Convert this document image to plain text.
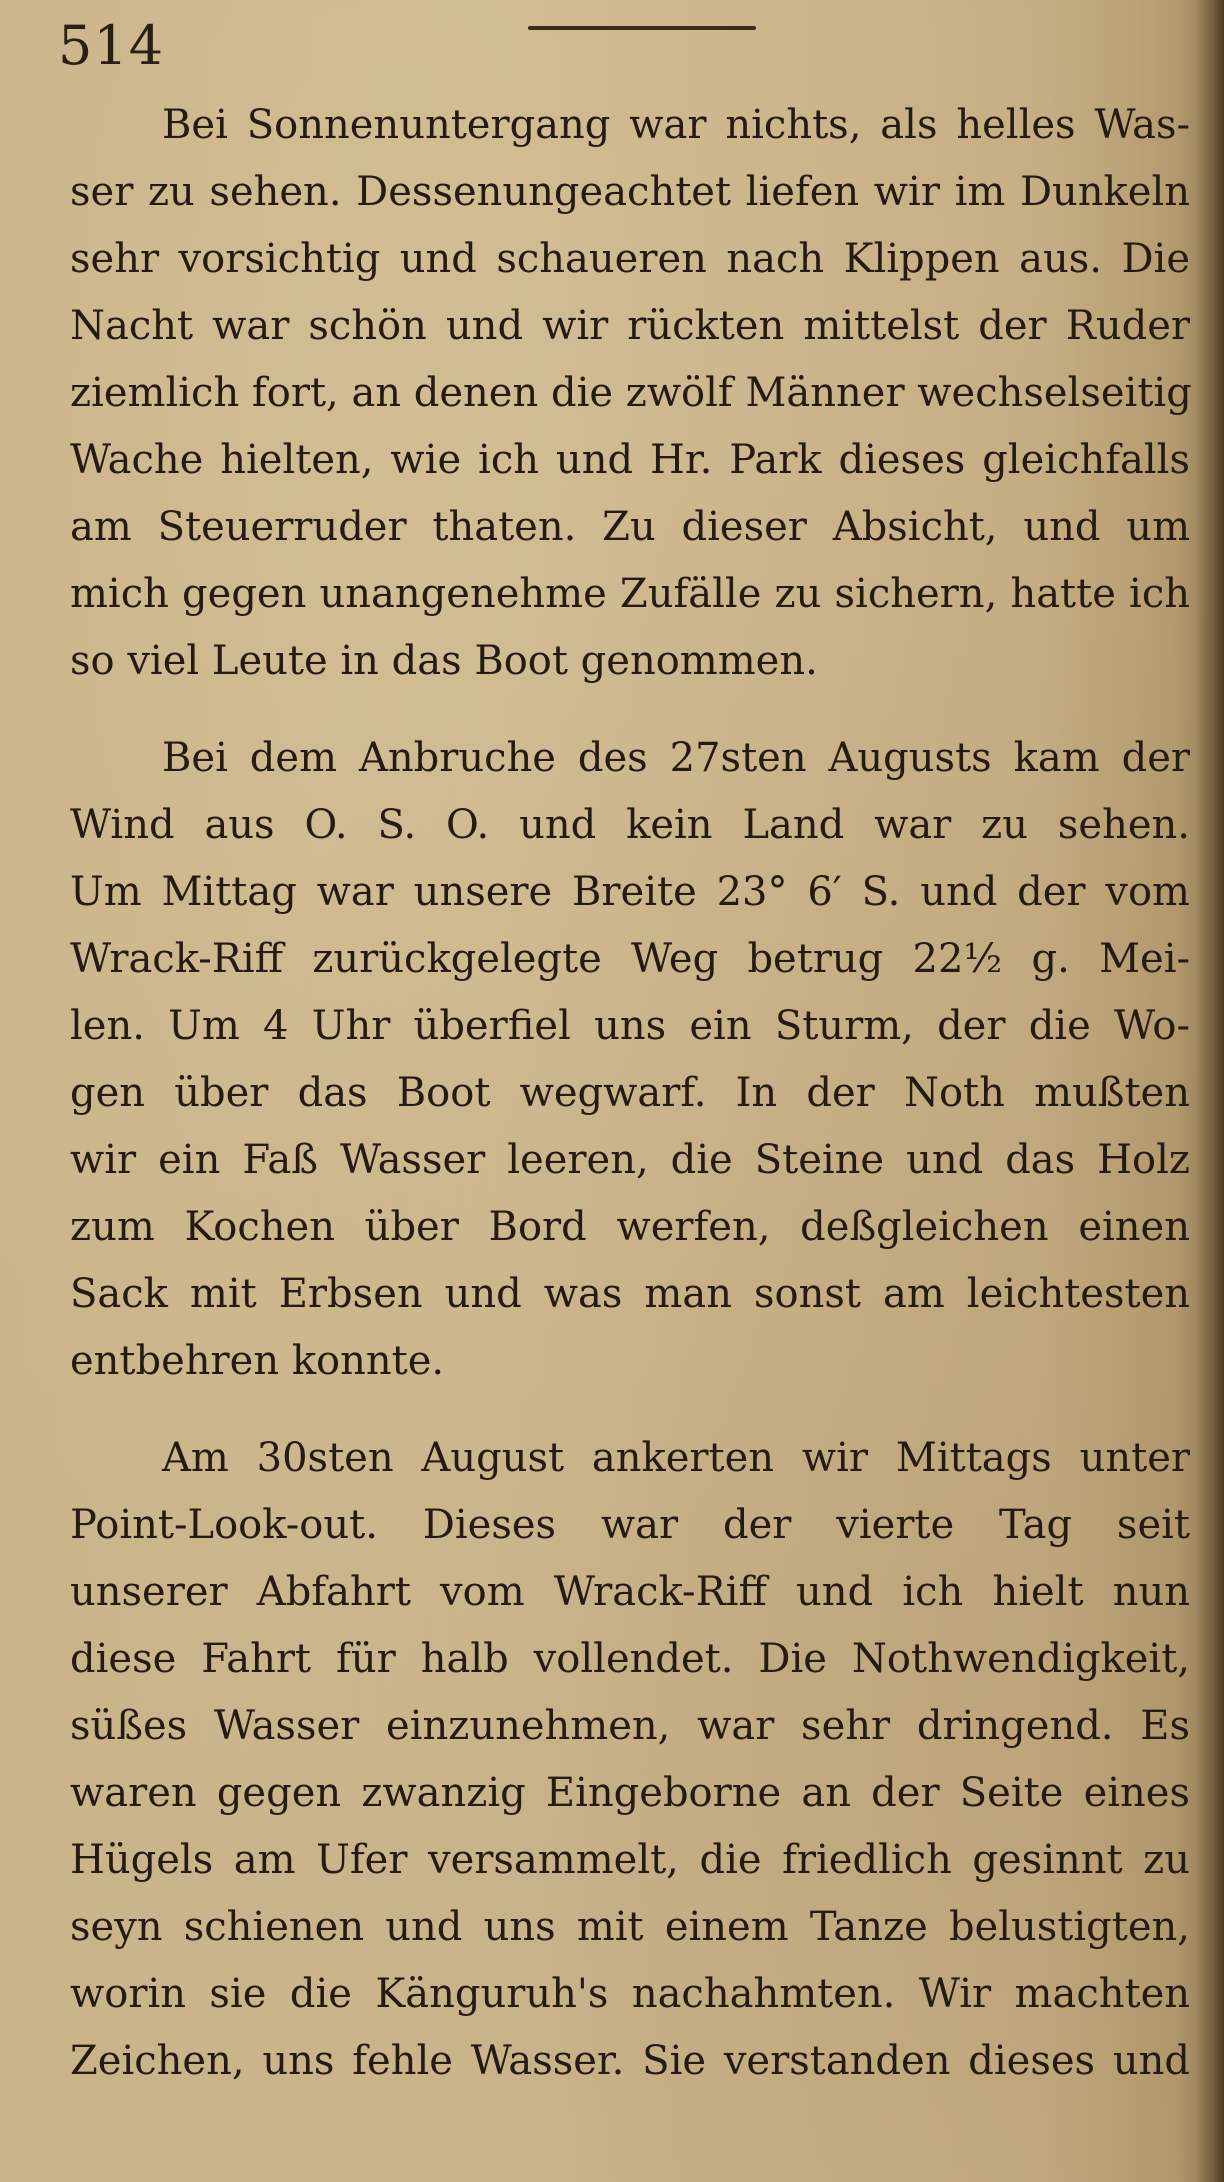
514
Bei Sonnenuntergang war nichts, als helles Was-
ser zu sehen. Dessenungeachtet liefen wir im Dunkeln
sehr vorsichtig und schaueren nach Klippen aus. Die
Nacht war schön und wir rückten mittelst der Ruder
ziemlich fort, an denen die zwölf Männer wechselseitig
Wache hielten, wie ich und Hr. Park dieses gleichfalls
am Steuerruder thaten. Zu dieser Absicht, und um
mich gegen unangenehme Zufälle zu sichern, hatte ich
so viel Leute in das Boot genommen.
Bei dem Anbruche des 27sten Augusts kam der
Wind aus O. S. O. und kein Land war zu sehen.
Um Mittag war unsere Breite 23° 6′ S. und der vom
Wrack-Riff zurückgelegte Weg betrug 22½ g. Mei-
len. Um 4 Uhr überfiel uns ein Sturm, der die Wo-
gen über das Boot wegwarf. In der Noth mußten
wir ein Faß Wasser leeren, die Steine und das Holz
zum Kochen über Bord werfen, deßgleichen einen
Sack mit Erbsen und was man sonst am leichtesten
entbehren konnte.
Am 30sten August ankerten wir Mittags unter
Point-Look-out. Dieses war der vierte Tag seit
unserer Abfahrt vom Wrack-Riff und ich hielt nun
diese Fahrt für halb vollendet. Die Nothwendigkeit,
süßes Wasser einzunehmen, war sehr dringend. Es
waren gegen zwanzig Eingeborne an der Seite eines
Hügels am Ufer versammelt, die friedlich gesinnt zu
seyn schienen und uns mit einem Tanze belustigten,
worin sie die Känguruh's nachahmten. Wir machten
Zeichen, uns fehle Wasser. Sie verstanden dieses und
